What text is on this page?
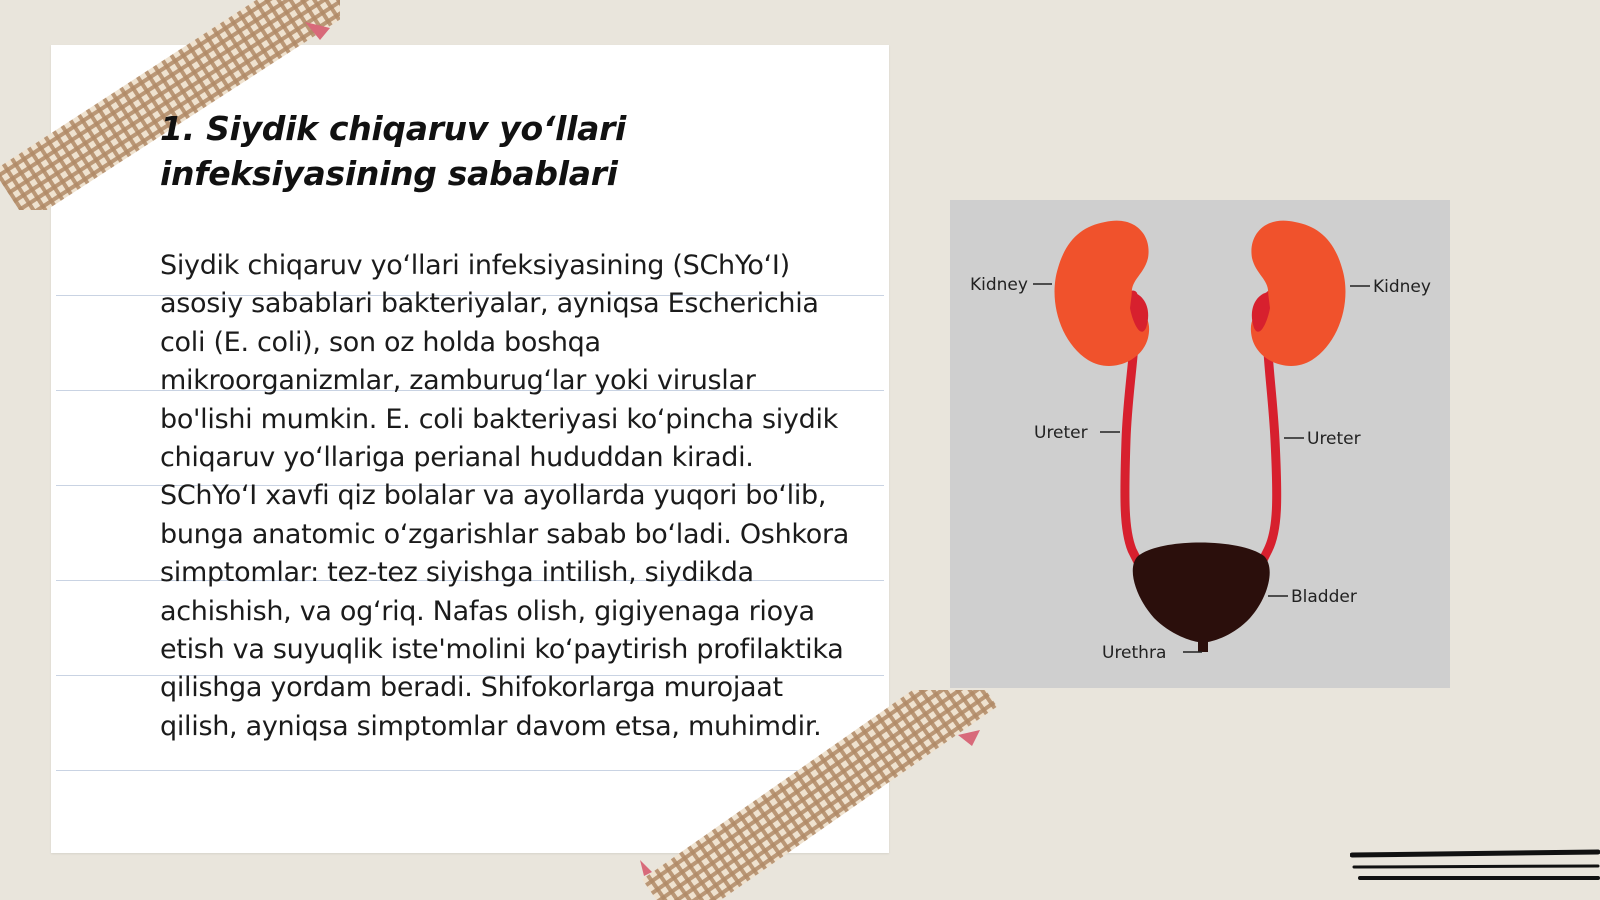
1. Siydik chiqaruv yo‘llari infeksiyasining sabablari

Siydik chiqaruv yo‘llari infeksiyasining (SChYo‘I) asosiy sabablari bakteriyalar, ayniqsa Escherichia coli (E. coli), son oz holda boshqa mikroorganizmlar, zamburug‘lar yoki viruslar bo'lishi mumkin. E. coli bakteriyasi ko‘pincha siydik chiqaruv yo‘llariga perianal hududdan kiradi. SChYo‘I xavfi qiz bolalar va ayollarda yuqori bo‘lib, bunga anatomic o‘zgarishlar sabab bo‘ladi. Oshkora simptomlar: tez-tez siyishga intilish, siydikda achishish, va og‘riq. Nafas olish, gigiyenaga rioya etish va suyuqlik iste'molini ko‘paytirish profilaktika qilishga yordam beradi. Shifokorlarga murojaat qilish, ayniqsa simptomlar davom etsa, muhimdir.

Kidney	Kidney
Ureter	Ureter
Bladder
Urethra
